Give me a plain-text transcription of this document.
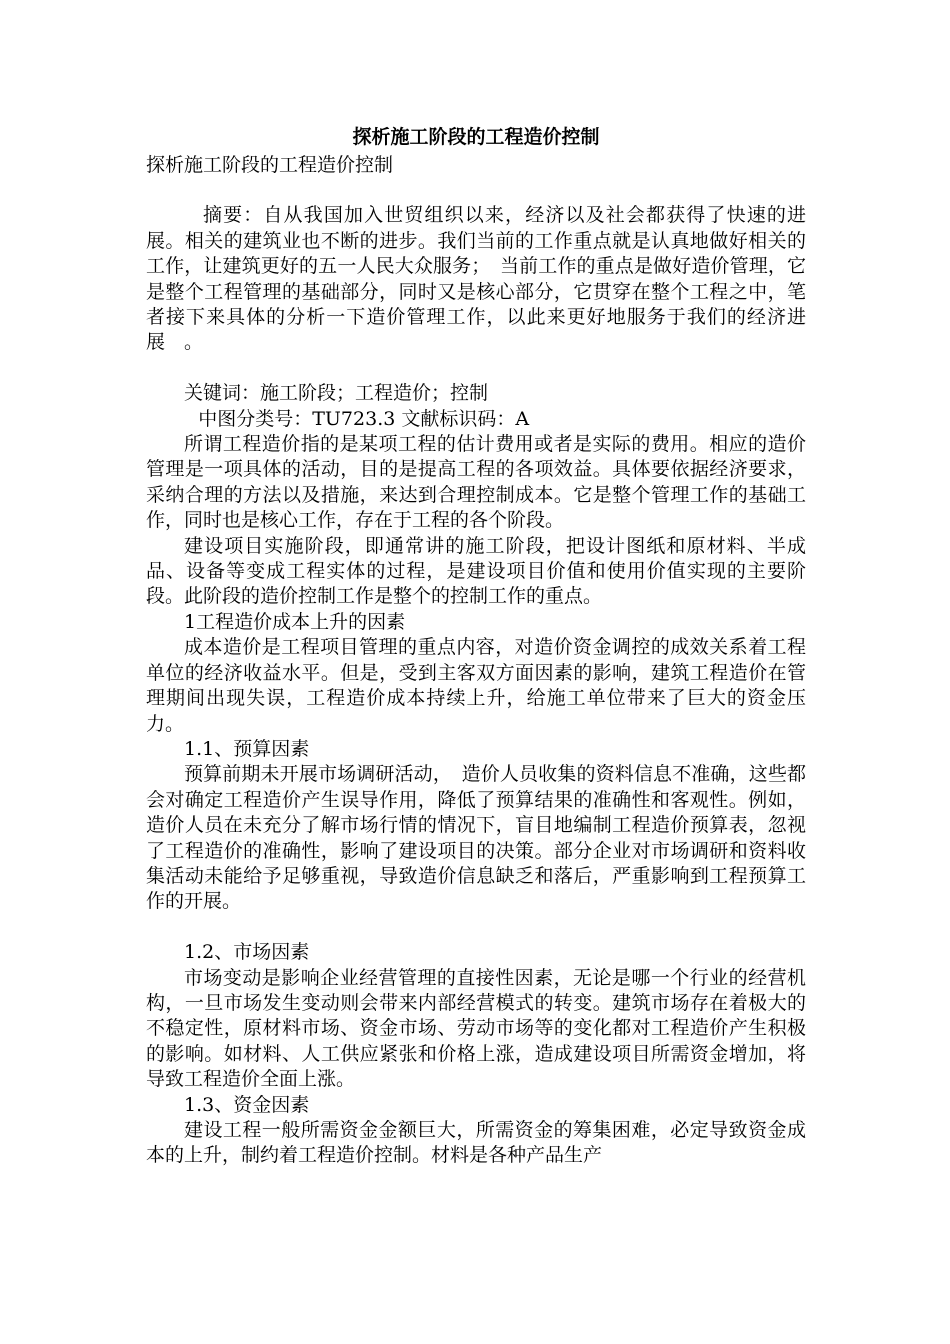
探析施工阶段的工程造价控制

探析施工阶段的工程造价控制

摘要：自从我国加入世贸组织以来，经济以及社会都获得了快速的进展。相关的建筑业也不断的进步。我们当前的工作重点就是认真地做好相关的工作，让建筑更好的五一人民大众服务；　当前工作的重点是做好造价管理，它是整个工程管理的基础部分，同时又是核心部分，它贯穿在整个工程之中，笔者接下来具体的分析一下造价管理工作，以此来更好地服务于我们的经济进展　。

关键词：施工阶段；工程造价；控制

中图分类号：TU723.3 文献标识码：A

所谓工程造价指的是某项工程的估计费用或者是实际的费用。相应的造价管理是一项具体的活动，目的是提高工程的各项效益。具体要依据经济要求，采纳合理的方法以及措施，来达到合理控制成本。它是整个管理工作的基础工作，同时也是核心工作，存在于工程的各个阶段。

建设项目实施阶段，即通常讲的施工阶段，把设计图纸和原材料、半成品、设备等变成工程实体的过程，是建设项目价值和使用价值实现的主要阶段。此阶段的造价控制工作是整个的控制工作的重点。

1工程造价成本上升的因素

成本造价是工程项目管理的重点内容，对造价资金调控的成效关系着工程单位的经济收益水平。但是，受到主客双方面因素的影响，建筑工程造价在管理期间出现失误，工程造价成本持续上升，给施工单位带来了巨大的资金压力。

1.1、预算因素

预算前期未开展市场调研活动，　造价人员收集的资料信息不准确，这些都会对确定工程造价产生误导作用，降低了预算结果的准确性和客观性。例如，造价人员在未充分了解市场行情的情况下，盲目地编制工程造价预算表，忽视了工程造价的准确性，影响了建设项目的决策。部分企业对市场调研和资料收集活动未能给予足够重视，导致造价信息缺乏和落后，严重影响到工程预算工作的开展。

1.2、市场因素

市场变动是影响企业经营管理的直接性因素，无论是哪一个行业的经营机构，一旦市场发生变动则会带来内部经营模式的转变。建筑市场存在着极大的不稳定性，原材料市场、资金市场、劳动市场等的变化都对工程造价产生积极的影响。如材料、人工供应紧张和价格上涨，造成建设项目所需资金增加，将导致工程造价全面上涨。

1.3、资金因素

建设工程一般所需资金金额巨大，所需资金的筹集困难，必定导致资金成本的上升，制约着工程造价控制。材料是各种产品生产
